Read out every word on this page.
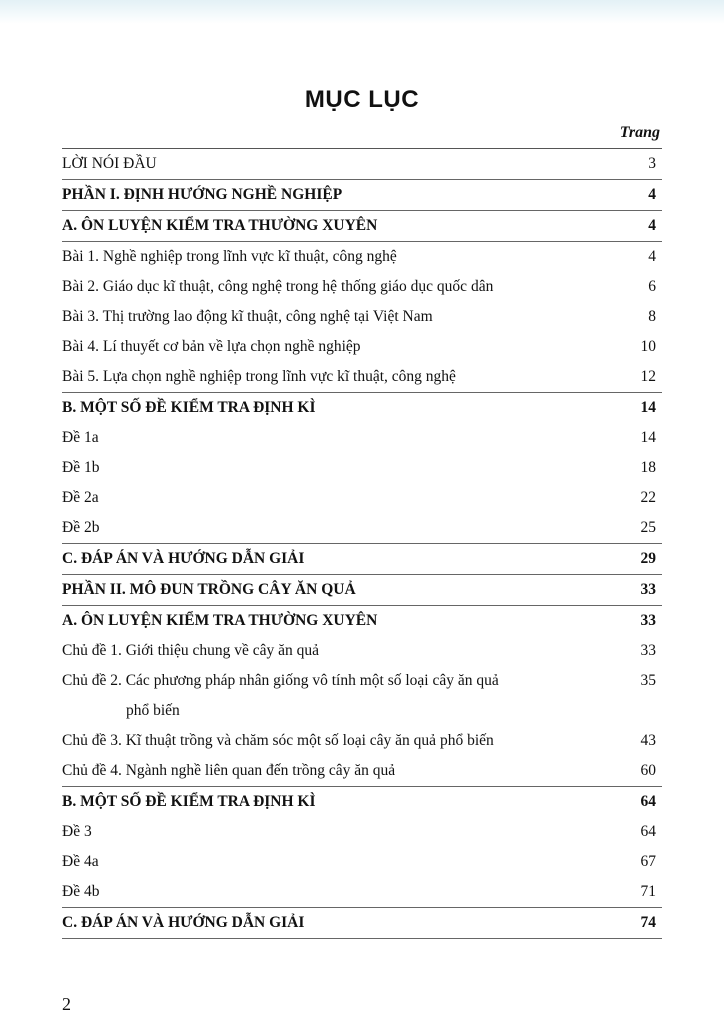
MỤC LỤC
Trang
LỜI NÓI ĐẦU	3
PHẦN I. ĐỊNH HƯỚNG NGHỀ NGHIỆP	4
A. ÔN LUYỆN KIỂM TRA THƯỜNG XUYÊN	4
Bài 1. Nghề nghiệp trong lĩnh vực kĩ thuật, công nghệ	4
Bài 2. Giáo dục kĩ thuật, công nghệ trong hệ thống giáo dục quốc dân	6
Bài 3. Thị trường lao động kĩ thuật, công nghệ tại Việt Nam	8
Bài 4. Lí thuyết cơ bản về lựa chọn nghề nghiệp	10
Bài 5. Lựa chọn nghề nghiệp trong lĩnh vực kĩ thuật, công nghệ	12
B. MỘT SỐ ĐỀ KIỂM TRA ĐỊNH KÌ	14
Đề 1a	14
Đề 1b	18
Đề 2a	22
Đề 2b	25
C. ĐÁP ÁN VÀ HƯỚNG DẪN GIẢI	29
PHẦN II. MÔ ĐUN TRỒNG CÂY ĂN QUẢ	33
A. ÔN LUYỆN KIỂM TRA THƯỜNG XUYÊN	33
Chủ đề 1. Giới thiệu chung về cây ăn quả	33
Chủ đề 2. Các phương pháp nhân giống vô tính một số loại cây ăn quả	35
phổ biến
Chủ đề 3. Kĩ thuật trồng và chăm sóc một số loại cây ăn quả phổ biến	43
Chủ đề 4. Ngành nghề liên quan đến trồng cây ăn quả	60
B. MỘT SỐ ĐỀ KIỂM TRA ĐỊNH KÌ	64
Đề 3	64
Đề 4a	67
Đề 4b	71
C. ĐÁP ÁN VÀ HƯỚNG DẪN GIẢI	74
2
